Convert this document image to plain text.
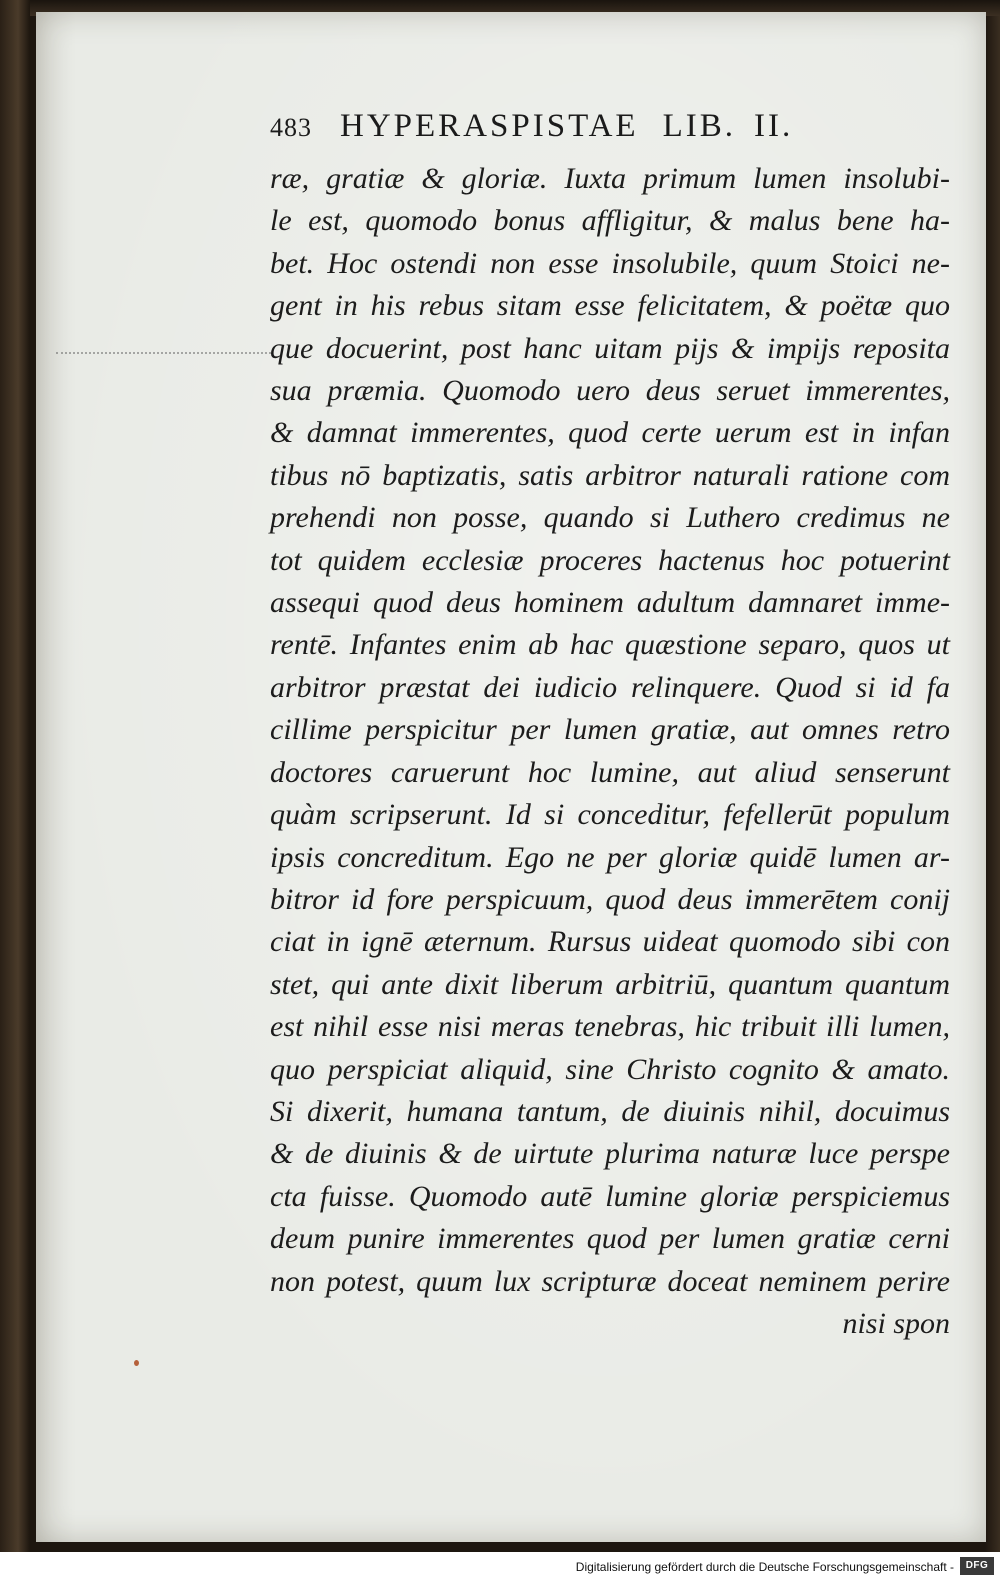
483 HYPERASPISTAE LIB. II.
ræ, gratiæ & gloriæ. Iuxta primum lumen insolubi-
le est, quomodo bonus affligitur, & malus bene ha-
bet. Hoc ostendi non esse insolubile, quum Stoici ne-
gent in his rebus sitam esse felicitatem, & poëtæ quo
que docuerint, post hanc uitam pijs & impijs reposita
sua præmia. Quomodo uero deus seruet immerentes,
& damnat immerentes, quod certe uerum est in infan
tibus nō baptizatis, satis arbitror naturali ratione com
prehendi non posse, quando si Luthero credimus ne
tot quidem ecclesiæ proceres hactenus hoc potuerint
assequi quod deus hominem adultum damnaret imme-
rentē. Infantes enim ab hac quæstione separo, quos ut
arbitror præstat dei iudicio relinquere. Quod si id fa
cillime perspicitur per lumen gratiæ, aut omnes retro
doctores caruerunt hoc lumine, aut aliud senserunt
quàm scripserunt. Id si conceditur, fefellerūt populum
ipsis concreditum. Ego ne per gloriæ quidē lumen ar-
bitror id fore perspicuum, quod deus immerētem conij
ciat in ignē æternum. Rursus uideat quomodo sibi con
stet, qui ante dixit liberum arbitriū, quantum quantum
est nihil esse nisi meras tenebras, hic tribuit illi lumen,
quo perspiciat aliquid, sine Christo cognito & amato.
Si dixerit, humana tantum, de diuinis nihil, docuimus
& de diuinis & de uirtute plurima naturæ luce perspe
cta fuisse. Quomodo autē lumine gloriæ perspiciemus
deum punire immerentes quod per lumen gratiæ cerni
non potest, quum lux scripturæ doceat neminem perire
nisi spon
Digitalisierung gefördert durch die Deutsche Forschungsgemeinschaft -	DFG
